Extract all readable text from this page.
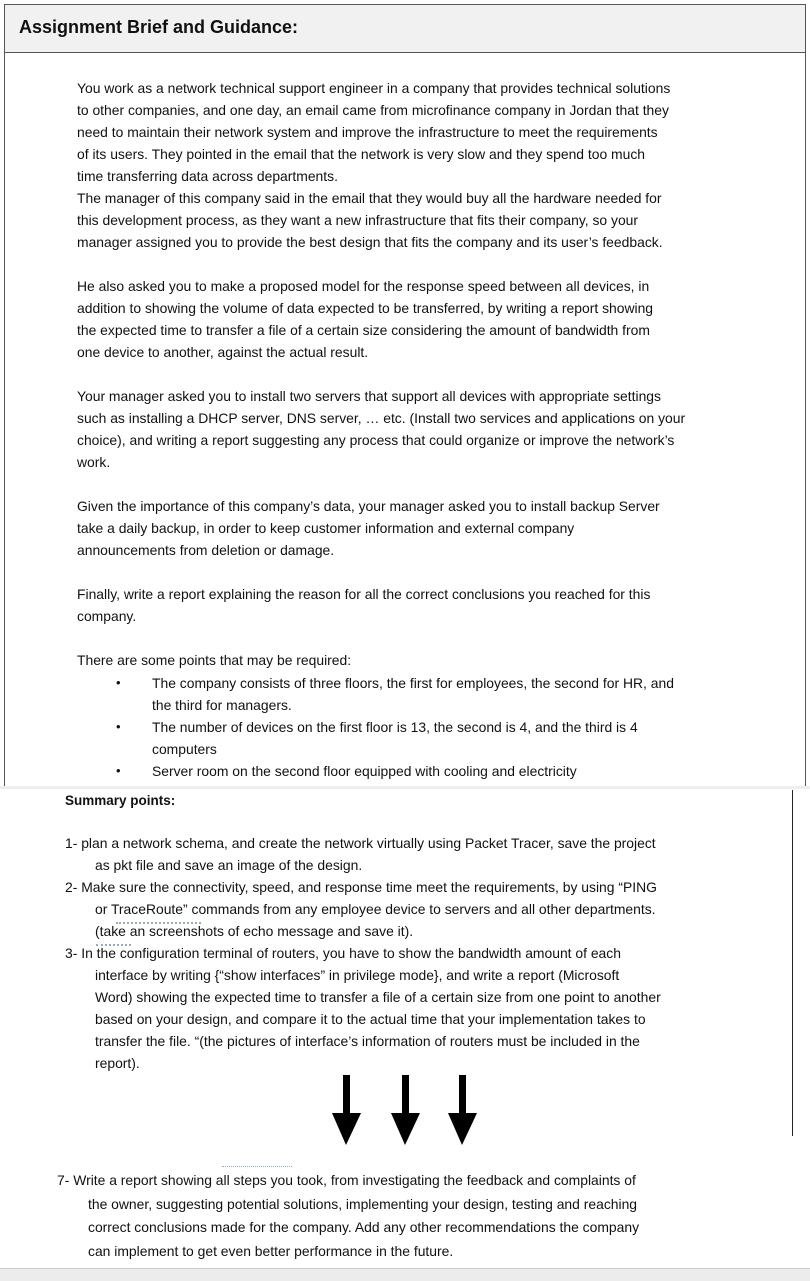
Assignment Brief and Guidance:
You work as a network technical support engineer in a company that provides technical solutions
to other companies, and one day, an email came from microfinance company in Jordan that they
need to maintain their network system and improve the infrastructure to meet the requirements
of its users. They pointed in the email that the network is very slow and they spend too much
time transferring data across departments.
The manager of this company said in the email that they would buy all the hardware needed for
this development process, as they want a new infrastructure that fits their company, so your
manager assigned you to provide the best design that fits the company and its user’s feedback.
He also asked you to make a proposed model for the response speed between all devices, in
addition to showing the volume of data expected to be transferred, by writing a report showing
the expected time to transfer a file of a certain size considering the amount of bandwidth from
one device to another, against the actual result.
Your manager asked you to install two servers that support all devices with appropriate settings
such as installing a DHCP server, DNS server, … etc. (Install two services and applications on your
choice), and writing a report suggesting any process that could organize or improve the network’s
work.
Given the importance of this company’s data, your manager asked you to install backup Server
take a daily backup, in order to keep customer information and external company
announcements from deletion or damage.
Finally, write a report explaining the reason for all the correct conclusions you reached for this
company.
There are some points that may be required:
• The company consists of three floors, the first for employees, the second for HR, and
the third for managers.
• The number of devices on the first floor is 13, the second is 4, and the third is 4
computers
• Server room on the second floor equipped with cooling and electricity
Summary points:
1- plan a network schema, and create the network virtually using Packet Tracer, save the project
as pkt file and save an image of the design.
2- Make sure the connectivity, speed, and response time meet the requirements, by using “PING
or TraceRoute” commands from any employee device to servers and all other departments.
(take an screenshots of echo message and save it).
3- In the configuration terminal of routers, you have to show the bandwidth amount of each
interface by writing {“show interfaces” in privilege mode}, and write a report (Microsoft
Word) showing the expected time to transfer a file of a certain size from one point to another
based on your design, and compare it to the actual time that your implementation takes to
transfer the file. “(the pictures of interface’s information of routers must be included in the
report).
7- Write a report showing all steps you took, from investigating the feedback and complaints of
the owner, suggesting potential solutions, implementing your design, testing and reaching
correct conclusions made for the company. Add any other recommendations the company
can implement to get even better performance in the future.
